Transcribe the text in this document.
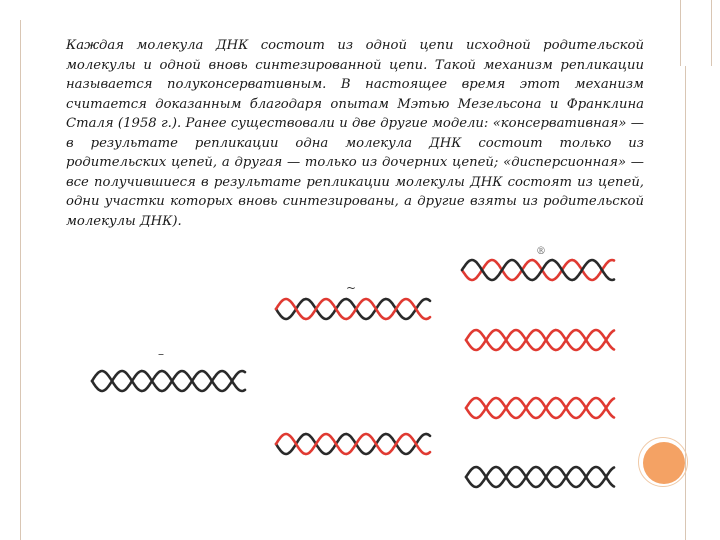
Каждая молекула ДНК состоит из одной цепи исходной родительской молекулы и одной вновь синтезированной цепи. Такой механизм репликации называется полуконсервативным. В настоящее время этот механизм считается доказанным благодаря опытам Мэтью Мезельсона и Франклина Сталя (1958 г.). Ранее существовали и две другие модели: «консервативная» — в результате репликации одна молекула ДНК состоит только из родительских цепей, а другая — только из дочерних цепей; «дисперсионная» — все получившиеся в результате репликации молекулы ДНК состоят из цепей, одни участки которых вновь синтезированы, а другие взяты из родительской молекулы ДНК).

–
~
®
